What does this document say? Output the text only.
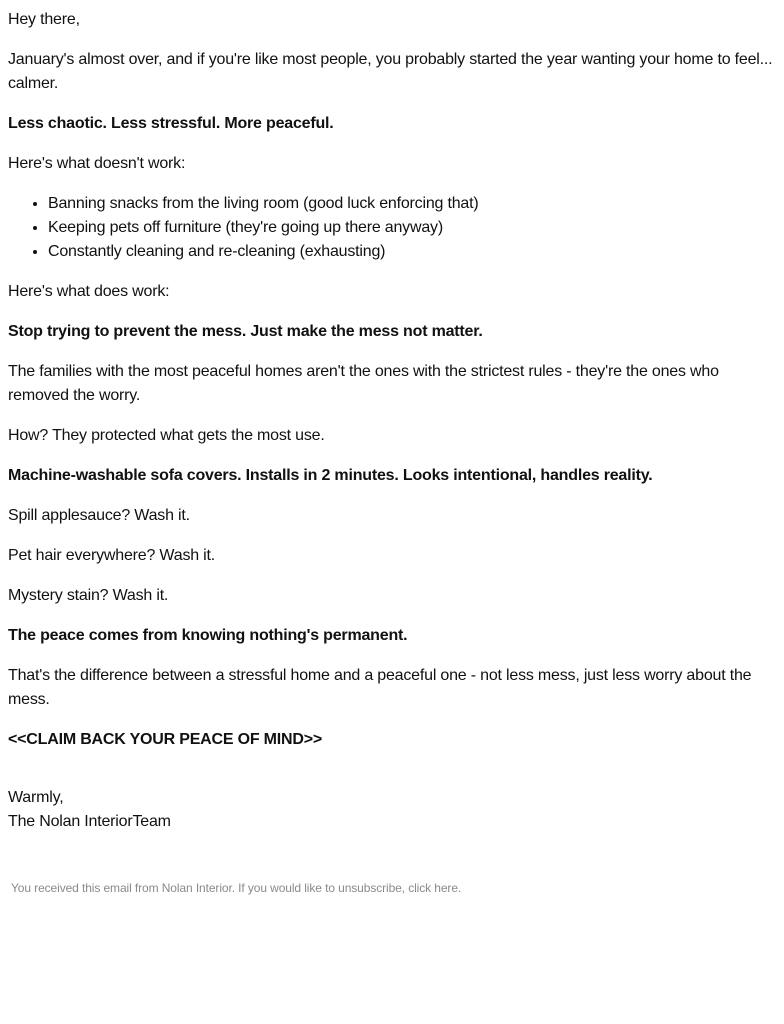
Hey there,

January's almost over, and if you're like most people, you probably started the year wanting your home to feel... calmer.

Less chaotic. Less stressful. More peaceful.

Here's what doesn't work:

• Banning snacks from the living room (good luck enforcing that)
• Keeping pets off furniture (they're going up there anyway)
• Constantly cleaning and re-cleaning (exhausting)

Here's what does work:

Stop trying to prevent the mess. Just make the mess not matter.

The families with the most peaceful homes aren't the ones with the strictest rules - they're the ones who removed the worry.

How? They protected what gets the most use.

Machine-washable sofa covers. Installs in 2 minutes. Looks intentional, handles reality.

Spill applesauce? Wash it.

Pet hair everywhere? Wash it.

Mystery stain? Wash it.

The peace comes from knowing nothing's permanent.

That's the difference between a stressful home and a peaceful one - not less mess, just less worry about the mess.

<<CLAIM BACK YOUR PEACE OF MIND>>

Warmly,
The Nolan InteriorTeam
You received this email from Nolan Interior. If you would like to unsubscribe, click here.
